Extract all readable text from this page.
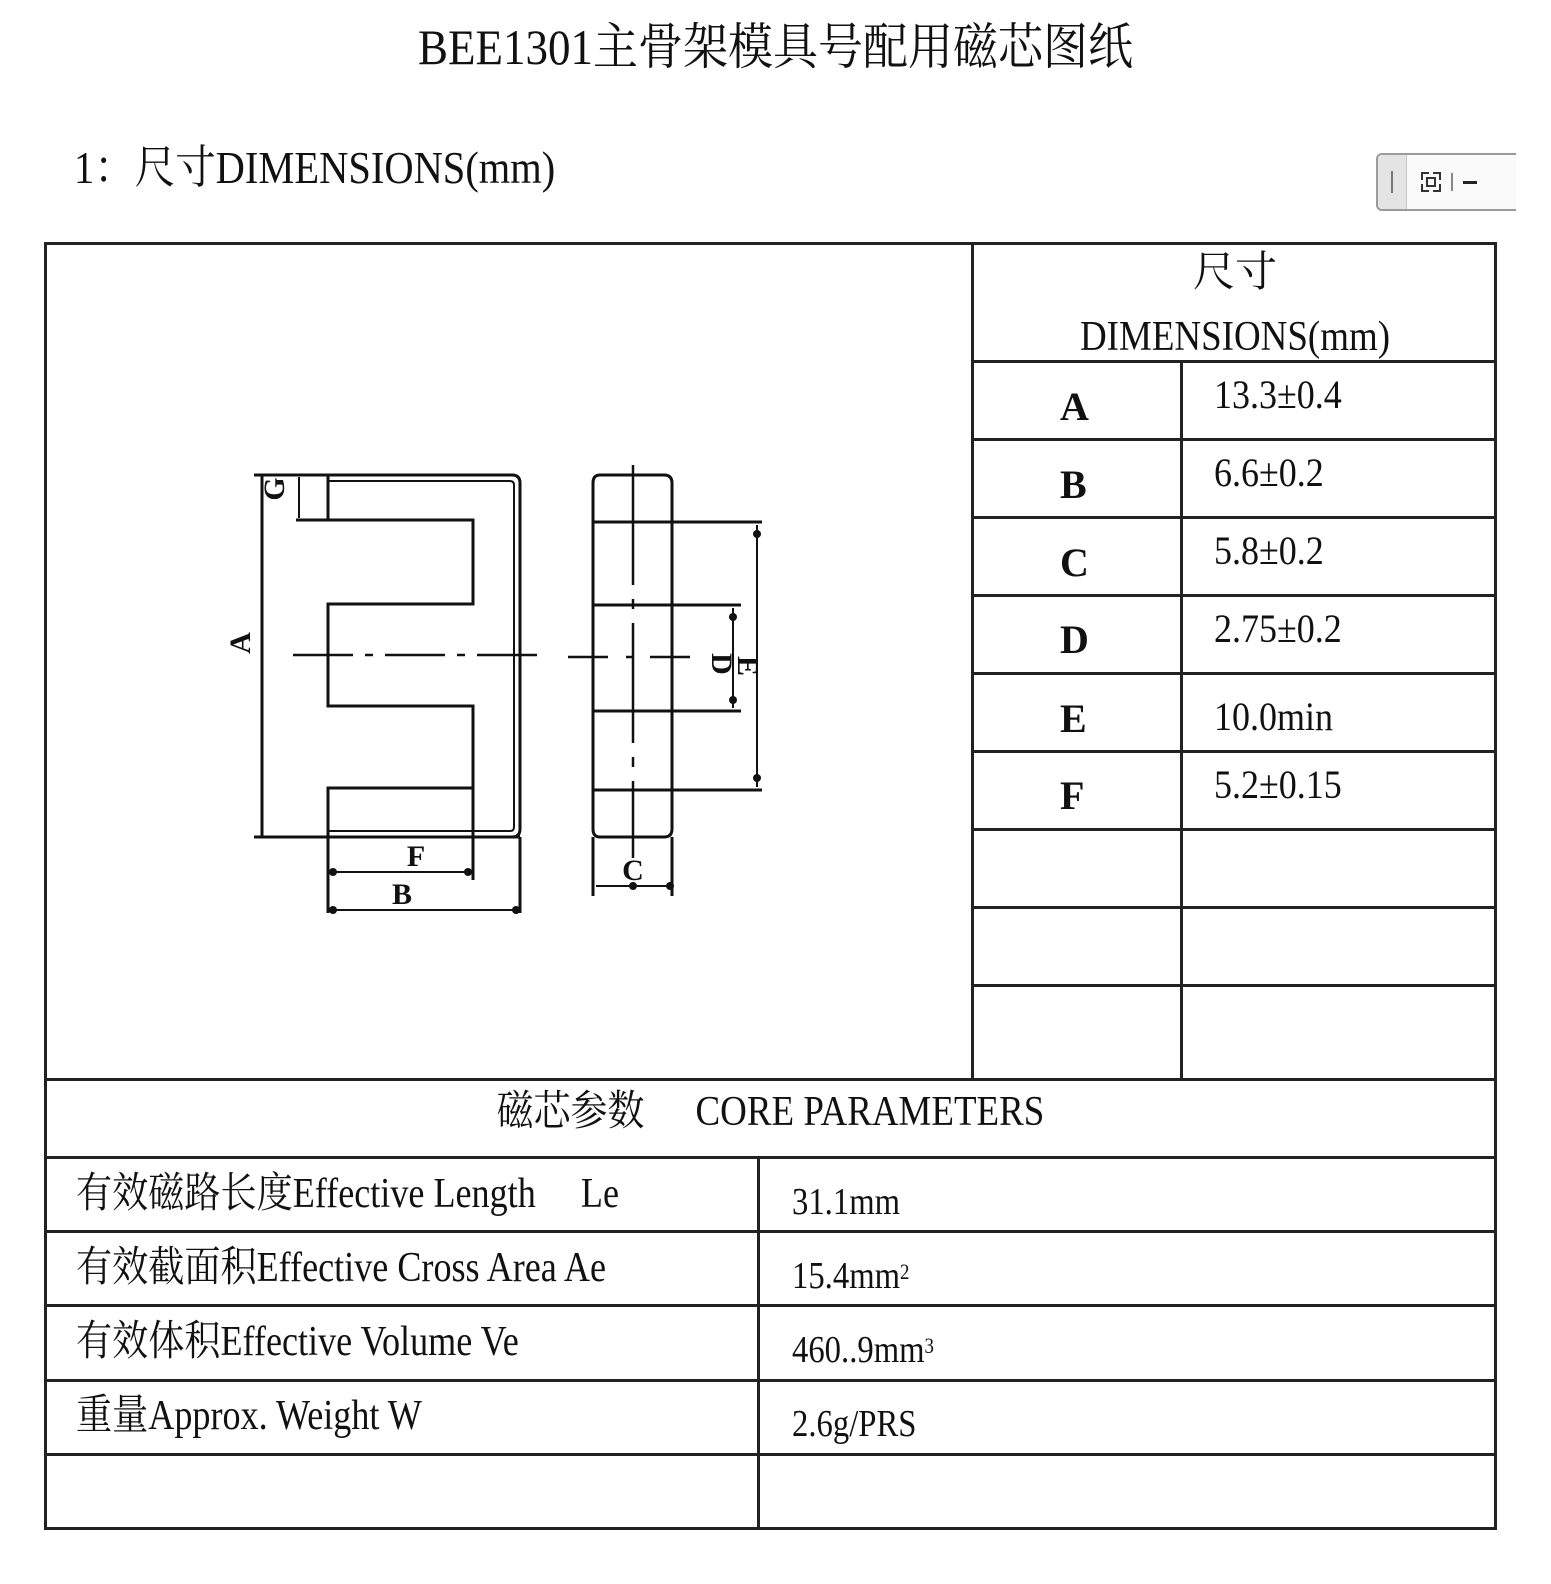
BEE1301主骨架模具号配用磁芯图纸
1：尺寸DIMENSIONS(mm)
尺寸
DIMENSIONS(mm)
A	13.3±0.4
B	6.6±0.2
C	5.8±0.2
D	2.75±0.2
E	10.0min
F	5.2±0.15
磁芯参数 CORE PARAMETERS
有效磁路长度Effective Length     Le	31.1mm
有效截面积Effective Cross Area Ae	$15.4mm^2$
有效体积Effective Volume Ve	$460..9mm^3$
重量Approx. Weight W	2.6g/PRS
A
G
F
B
C
D
E
